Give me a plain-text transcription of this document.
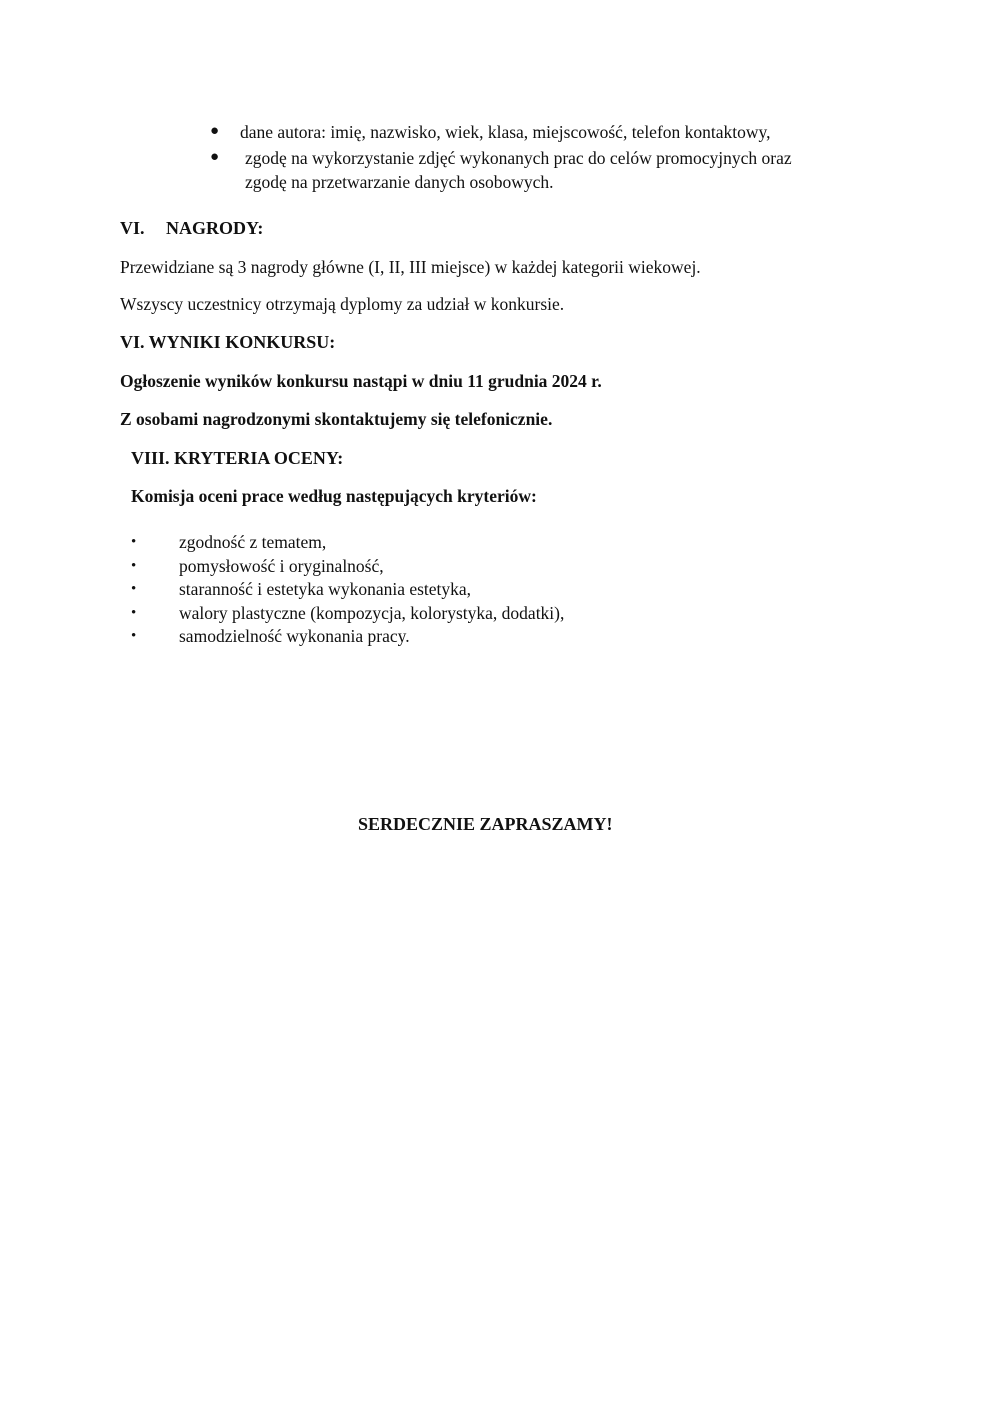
● dane autora: imię, nazwisko, wiek, klasa, miejscowość, telefon kontaktowy,
● zgodę na wykorzystanie zdjęć wykonanych prac do celów promocyjnych oraz
zgodę na przetwarzanie danych osobowych.
VI. NAGRODY:
Przewidziane są 3 nagrody główne (I, II, III miejsce) w każdej kategorii wiekowej.
Wszyscy uczestnicy otrzymają dyplomy za udział w konkursie.
VI. WYNIKI KONKURSU:
Ogłoszenie wyników konkursu nastąpi w dniu 11 grudnia 2024 r.
Z osobami nagrodzonymi skontaktujemy się telefonicznie.
VIII. KRYTERIA OCENY:
Komisja oceni prace według następujących kryteriów:
• zgodność z tematem,
• pomysłowość i oryginalność,
• staranność i estetyka wykonania estetyka,
• walory plastyczne (kompozycja, kolorystyka, dodatki),
• samodzielność wykonania pracy.
SERDECZNIE ZAPRASZAMY!
